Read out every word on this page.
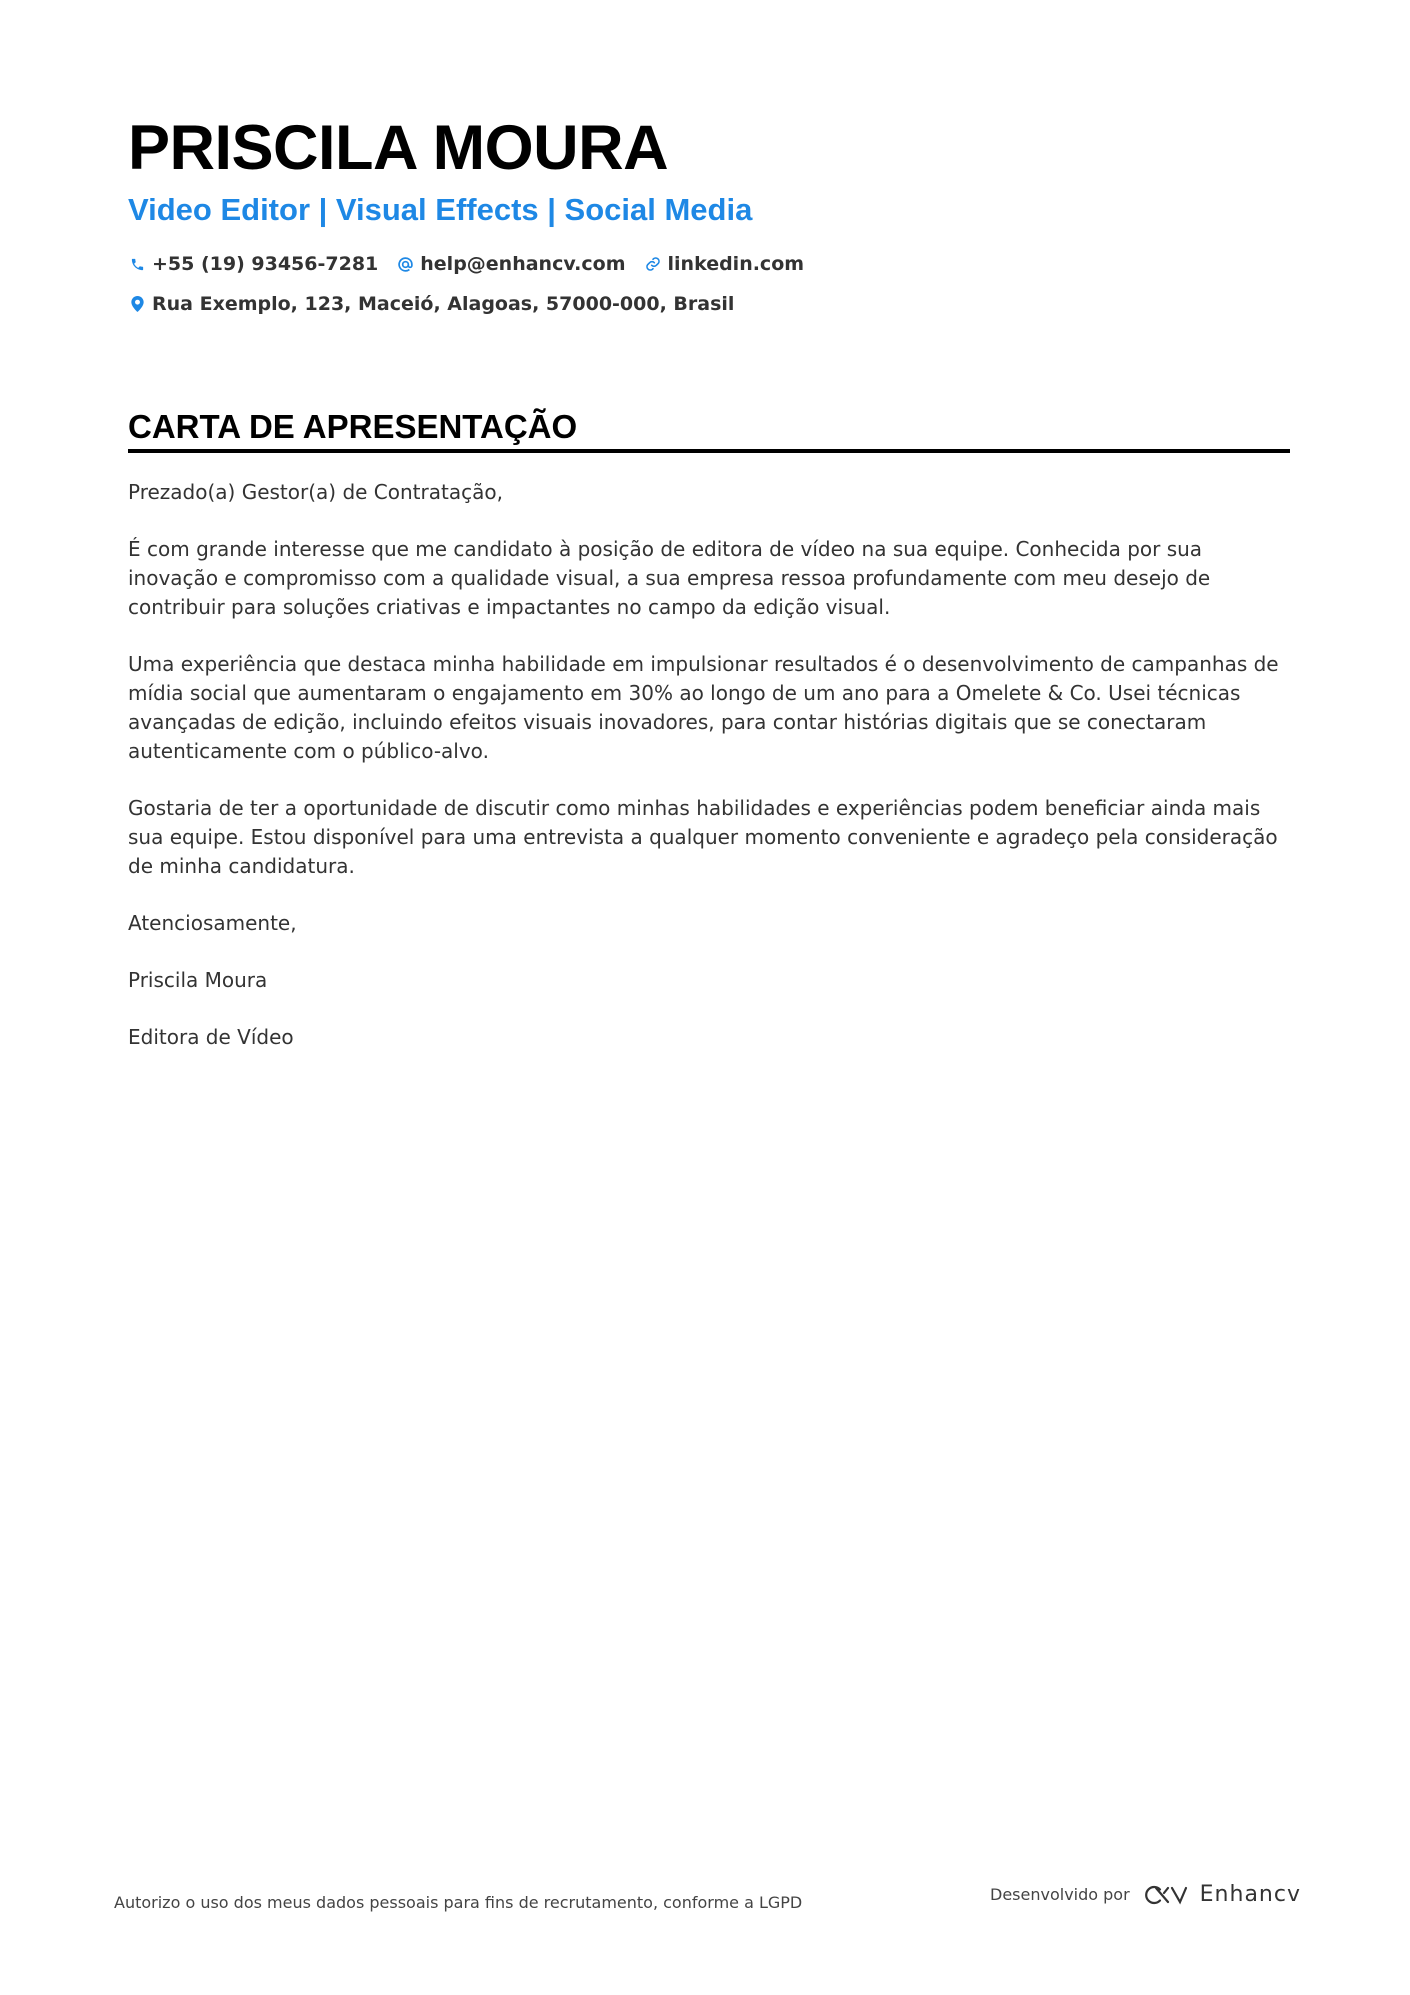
PRISCILA MOURA
Video Editor | Visual Effects | Social Media
+55 (19) 93456-7281 help@enhancv.com linkedin.com
Rua Exemplo, 123, Maceió, Alagoas, 57000-000, Brasil
CARTA DE APRESENTAÇÃO

Prezado(a) Gestor(a) de Contratação,

É com grande interesse que me candidato à posição de editora de vídeo na sua equipe. Conhecida por sua inovação e compromisso com a qualidade visual, a sua empresa ressoa profundamente com meu desejo de contribuir para soluções criativas e impactantes no campo da edição visual.

Uma experiência que destaca minha habilidade em impulsionar resultados é o desenvolvimento de campanhas de mídia social que aumentaram o engajamento em 30% ao longo de um ano para a Omelete & Co. Usei técnicas avançadas de edição, incluindo efeitos visuais inovadores, para contar histórias digitais que se conectaram autenticamente com o público-alvo.

Gostaria de ter a oportunidade de discutir como minhas habilidades e experiências podem beneficiar ainda mais sua equipe. Estou disponível para uma entrevista a qualquer momento conveniente e agradeço pela consideração de minha candidatura.

Atenciosamente,

Priscila Moura

Editora de Vídeo

Autorizo o uso dos meus dados pessoais para fins de recrutamento, conforme a LGPD	Desenvolvido por	Enhancv
